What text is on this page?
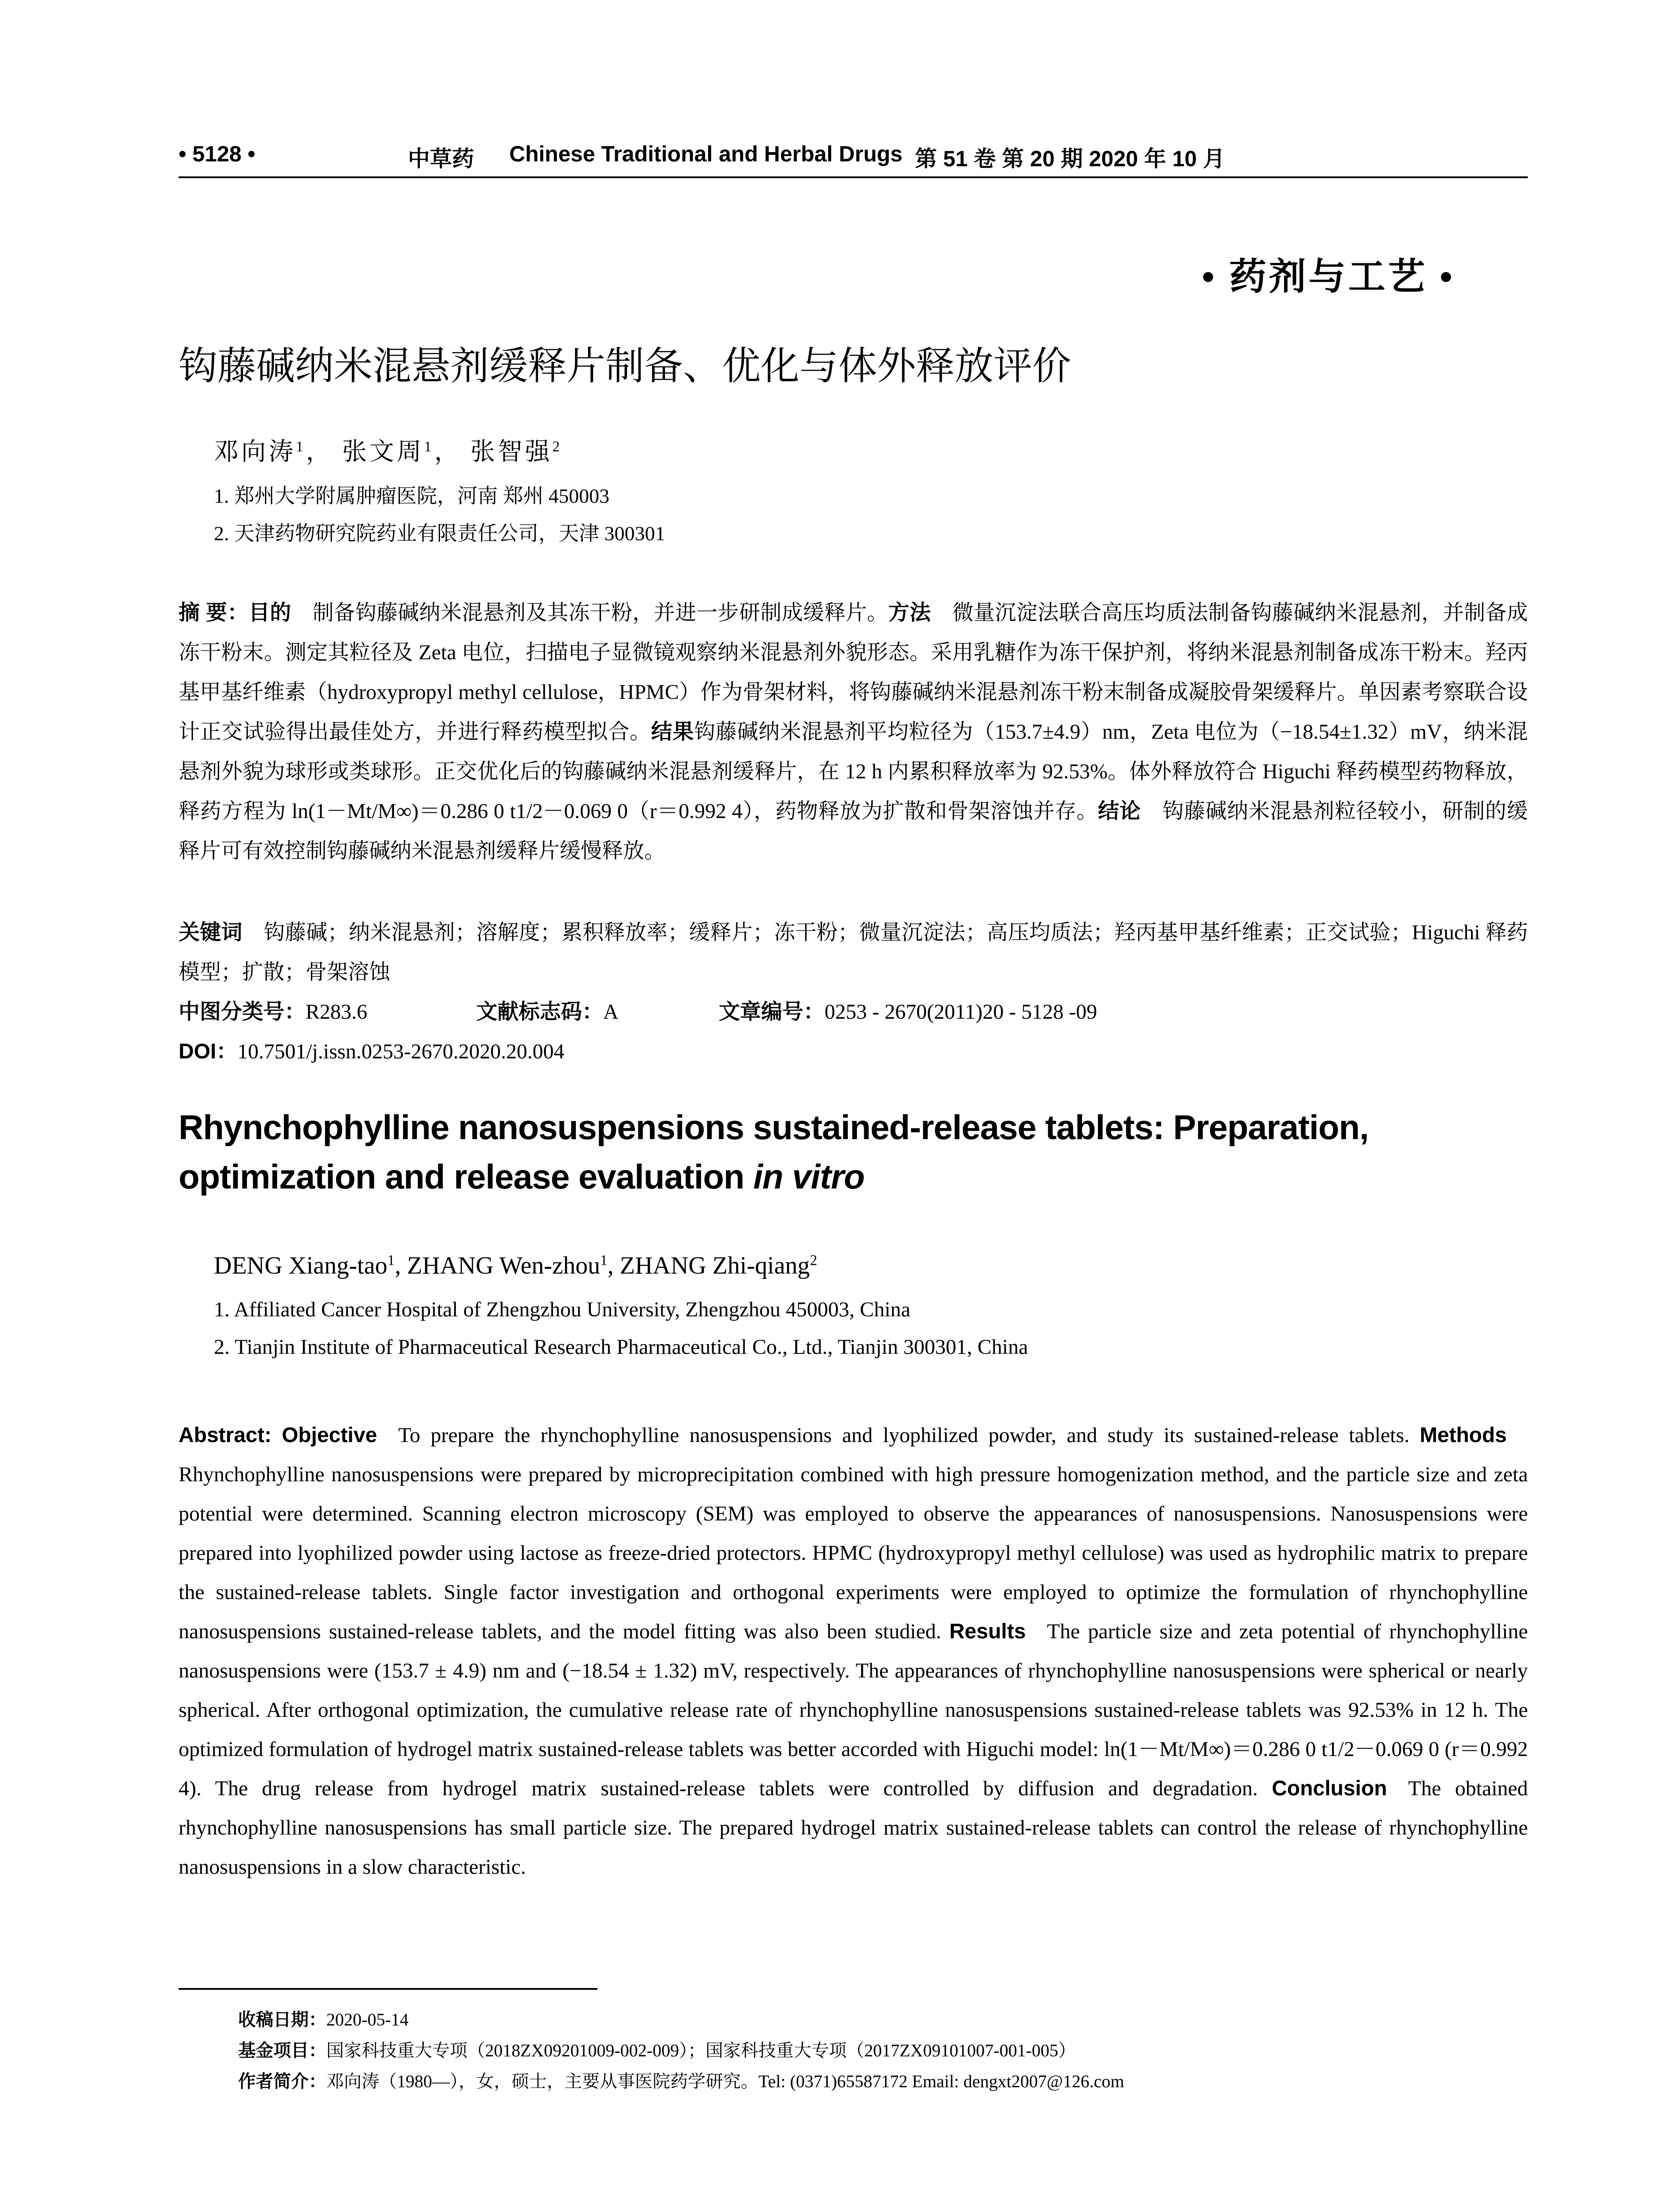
• 5128 •	中草药 Chinese Traditional and Herbal Drugs 第 51 卷 第 20 期 2020 年 10 月
• 药剂与工艺 •
钩藤碱纳米混悬剂缓释片制备、优化与体外释放评价
邓向涛$^1$， 张文周$^1$， 张智强$^2$
1. 郑州大学附属肿瘤医院，河南 郑州 450003
2. 天津药物研究院药业有限责任公司，天津 300301
摘 要：目的 制备钩藤碱纳米混悬剂及其冻干粉，并进一步研制成缓释片。方法 微量沉淀法联合高压均质法制备钩藤碱纳米混悬剂，并制备成冻干粉末。测定其粒径及 Zeta 电位，扫描电子显微镜观察纳米混悬剂外貌形态。采用乳糖作为冻干保护剂，将纳米混悬剂制备成冻干粉末。羟丙基甲基纤维素（hydroxypropyl methyl cellulose，HPMC）作为骨架材料，将钩藤碱纳米混悬剂冻干粉末制备成凝胶骨架缓释片。单因素考察联合设计正交试验得出最佳处方，并进行释药模型拟合。结果钩藤碱纳米混悬剂平均粒径为（153.7±4.9）nm，Zeta 电位为（−18.54±1.32）mV，纳米混悬剂外貌为球形或类球形。正交优化后的钩藤碱纳米混悬剂缓释片，在 12 h 内累积释放率为 92.53%。体外释放符合 Higuchi 释药模型药物释放，释药方程为 ln(1－Mt/M∞)＝0.286 0 t1/2－0.069 0（r＝0.992 4），药物释放为扩散和骨架溶蚀并存。结论 钩藤碱纳米混悬剂粒径较小，研制的缓释片可有效控制钩藤碱纳米混悬剂缓释片缓慢释放。
关键词 钩藤碱；纳米混悬剂；溶解度；累积释放率；缓释片；冻干粉；微量沉淀法；高压均质法；羟丙基甲基纤维素；正交试验；Higuchi 释药模型；扩散；骨架溶蚀
中图分类号：R283.6	文献标志码：A	文章编号：0253 - 2670(2011)20 - 5128 -09
DOI：10.7501/j.issn.0253-2670.2020.20.004
Rhynchophylline nanosuspensions sustained-release tablets: Preparation,
optimization and release evaluation in vitro
DENG Xiang-tao$^1$, ZHANG Wen-zhou$^1$, ZHANG Zhi-qiang$^2$
1. Affiliated Cancer Hospital of Zhengzhou University, Zhengzhou 450003, China
2. Tianjin Institute of Pharmaceutical Research Pharmaceutical Co., Ltd., Tianjin 300301, China
Abstract: Objective To prepare the rhynchophylline nanosuspensions and lyophilized powder, and study its sustained-release tablets. MethodsRhynchophylline nanosuspensions were prepared by microprecipitation combined with high pressure homogenization method, and the particle size and zeta potential were determined. Scanning electron microscopy (SEM) was employed to observe the appearances of nanosuspensions. Nanosuspensions were prepared into lyophilized powder using lactose as freeze-dried protectors. HPMC (hydroxypropyl methyl cellulose) was used as hydrophilic matrix to prepare the sustained-release tablets. Single factor investigation and orthogonal experiments were employed to optimize the formulation of rhynchophylline nanosuspensions sustained-release tablets, and the model fitting was also been studied. Results The particle size and zeta potential of rhynchophylline nanosuspensions were (153.7 ± 4.9) nm and (−18.54 ± 1.32) mV, respectively. The appearances of rhynchophylline nanosuspensions were spherical or nearly spherical. After orthogonal optimization, the cumulative release rate of rhynchophylline nanosuspensions sustained-release tablets was 92.53% in 12 h. The optimized formulation of hydrogel matrix sustained-release tablets was better accorded with Higuchi model: ln(1－Mt/M∞)＝0.286 0 t1/2－0.069 0 (r＝0.992 4). The drug release from hydrogel matrix sustained-release tablets were controlled by diffusion and degradation. Conclusion The obtained rhynchophylline nanosuspensions has small particle size. The prepared hydrogel matrix sustained-release tablets can control the release of rhynchophylline nanosuspensions in a slow characteristic.
收稿日期：2020-05-14
基金项目：国家科技重大专项（2018ZX09201009-002-009）；国家科技重大专项（2017ZX09101007-001-005）
作者简介：邓向涛（1980—），女，硕士，主要从事医院药学研究。Tel: (0371)65587172 Email: dengxt2007@126.com
